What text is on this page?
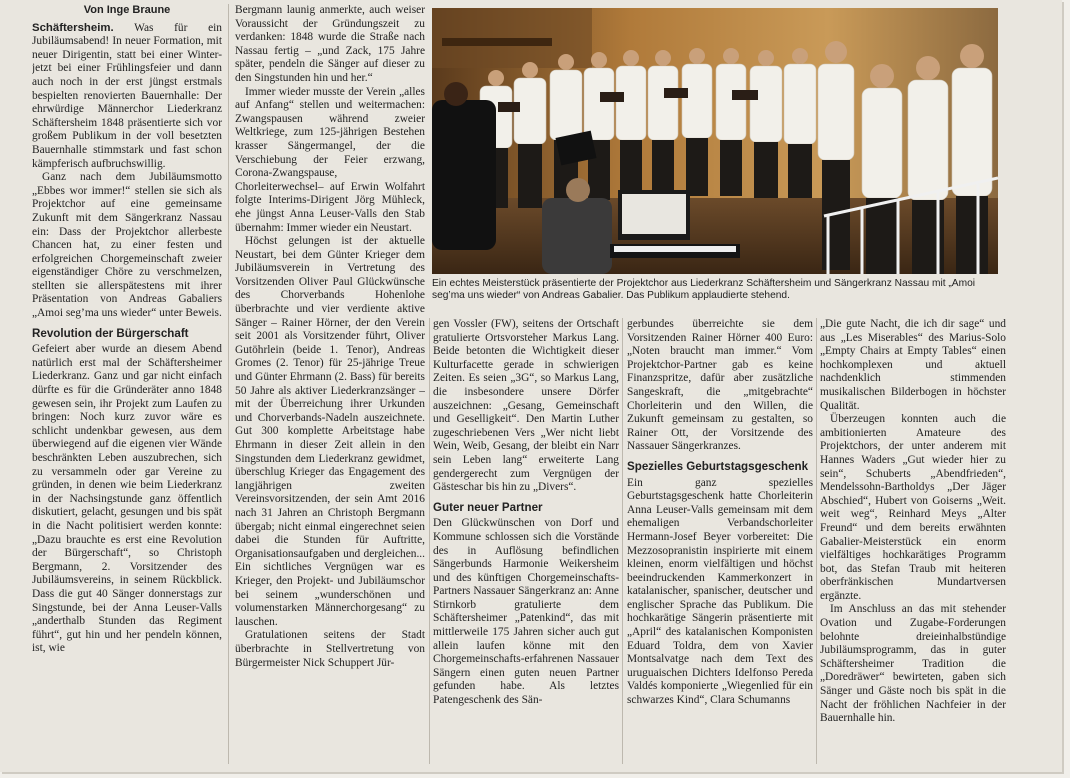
Von Inge Braune

Schäftersheim. Was für ein Jubiläumsabend! In neuer Formation, mit neuer Dirigentin, statt bei einer Winter- jetzt bei einer Frühlingsfeier und dann auch noch in der erst jüngst erstmals bespielten renovierten Bauernhalle: Der ehrwürdige Männerchor Liederkranz Schäftersheim 1848 präsentierte sich vor großem Publikum in der voll besetzten Bauernhalle stimmstark und fast schon kämpferisch aufbruchswillig.

Ganz nach dem Jubiläumsmotto „Ebbes wor immer!“ stellen sie sich als Projektchor auf eine gemeinsame Zukunft mit dem Sängerkranz Nassau ein: Dass der Projektchor allerbeste Chancen hat, zu einer festen und erfolgreichen Chorgemeinschaft zweier eigenständiger Chöre zu verschmelzen, stellten sie allerspätestens mit ihrer Präsentation von Andreas Gabaliers „Amoi seg’ma uns wieder“ unter Beweis.

Revolution der Bürgerschaft

Gefeiert aber wurde an diesem Abend natürlich erst mal der Schäftersheimer Liederkranz. Ganz und gar nicht einfach dürfte es für die Gründeräter anno 1848 gewesen sein, ihr Projekt zum Laufen zu bringen: Noch kurz zuvor wäre es schlicht undenkbar gewesen, aus dem überwiegend auf die eigenen vier Wände beschränkten Leben auszubrechen, sich zu versammeln oder gar Vereine zu gründen, in denen wie beim Liederkranz in der Nachsingstunde ganz öffentlich diskutiert, gelacht, gesungen und bis spät in die Nacht politisiert werden konnte: „Dazu brauchte es erst eine Revolution der Bürgerschaft“, so Christoph Bergmann, 2. Vorsitzender des Jubiläumsvereins, in seinem Rückblick. Dass die gut 40 Sänger donnerstags zur Singstunde, bei der Anna Leuser-Valls „anderthalb Stunden das Regiment führt“, gut hin und her pendeln können, ist, wie

Bergmann launig anmerkte, auch weiser Voraussicht der Gründungszeit zu verdanken: 1848 wurde die Straße nach Nassau fertig – „und Zack, 175 Jahre später, pendeln die Sänger auf dieser zu den Singstunden hin und her.“

Immer wieder musste der Verein „alles auf Anfang“ stellen und weitermachen: Zwangspausen während zweier Weltkriege, zum 125-jährigen Bestehen krasser Sängermangel, der die Verschiebung der Feier erzwang, Corona-Zwangspause, Chorleiterwechsel– auf Erwin Wolfahrt folgte Interims-Dirigent Jörg Mühleck, ehe jüngst Anna Leuser-Valls den Stab übernahm: Immer wieder ein Neustart.

Höchst gelungen ist der aktuelle Neustart, bei dem Günter Krieger dem Jubiläumsverein in Vertretung des Vorsitzenden Oliver Paul Glückwünsche des Chorverbands Hohenlohe überbrachte und vier verdiente aktive Sänger – Rainer Hörner, der den Verein seit 2001 als Vorsitzender führt, Oliver Gutöhrlein (beide 1. Tenor), Andreas Gromes (2. Tenor) für 25-jährige Treue und Günter Ehrmann (2. Bass) für bereits 50 Jahre als aktiver Liederkranzsänger – mit der Überreichung ihrer Urkunden und Chorverbands-Nadeln auszeichnete. Gut 300 komplette Arbeitstage habe Ehrmann in dieser Zeit allein in den Singstunden dem Liederkranz gewidmet, überschlug Krieger das Engagement des langjährigen zweiten Vereinsvorsitzenden, der sein Amt 2016 nach 31 Jahren an Christoph Bergmann übergab; nicht einmal eingerechnet seien dabei die Stunden für Auftritte, Organisationsaufgaben und dergleichen... Ein sichtliches Vergnügen war es Krieger, den Projekt- und Jubiläumschor bei seinem „wunderschönen und volumenstarken Männerchorgesang“ zu lauschen.

Gratulationen seitens der Stadt überbrachte in Stellvertretung von Bürgermeister Nick Schuppert Jür-

Ein echtes Meisterstück präsentierte der Projektchor aus Liederkranz Schäftersheim und Sängerkranz Nassau mit „Amoi seg’ma uns wieder“ von Andreas Gabalier. Das Publikum applaudierte stehend.

gen Vossler (FW), seitens der Ortschaft gratulierte Ortsvorsteher Markus Lang. Beide betonten die Wichtigkeit dieser Kulturfacette gerade in schwierigen Zeiten. Es seien „3G“, so Markus Lang, die insbesondere unsere Dörfer auszeichnen: „Gesang, Gemeinschaft und Geselligkeit“. Den Martin Luther zugeschriebenen Vers „Wer nicht liebt Wein, Weib, Gesang, der bleibt ein Narr sein Leben lang“ erweiterte Lang gendergerecht zum Vergnügen der Gästeschar bis hin zu „Divers“.

Guter neuer Partner

Den Glückwünschen von Dorf und Kommune schlossen sich die Vorstände des in Auflösung befindlichen Sängerbunds Harmonie Weikersheim und des künftigen Chorgemeinschafts-Partners Nassauer Sängerkranz an: Anne Stirnkorb gratulierte dem Schäftersheimer „Patenkind“, das mit mittlerweile 175 Jahren sicher auch gut allein laufen könne mit den Chorgemeinschafts-erfahrenen Nassauer Sängern einen guten neuen Partner gefunden habe. Als letztes Patengeschenk des Sän-

gerbundes überreichte sie dem Vorsitzenden Rainer Hörner 400 Euro: „Noten braucht man immer.“ Vom Projektchor-Partner gab es keine Finanzspritze, dafür aber zusätzliche Sangeskraft, die „mitgebrachte“ Chorleiterin und den Willen, die Zukunft gemeinsam zu gestalten, so Rainer Ott, der Vorsitzende des Nassauer Sängerkranzes.

Spezielles Geburtstagsgeschenk

Ein ganz spezielles Geburtstagsgeschenk hatte Chorleiterin Anna Leuser-Valls gemeinsam mit dem ehemaligen Verbandschorleiter Hermann-Josef Beyer vorbereitet: Die Mezzosopranistin inspirierte mit einem kleinen, enorm vielfältigen und höchst beeindruckenden Kammerkonzert in katalanischer, spanischer, deutscher und englischer Sprache das Publikum. Die hochkarätige Sängerin präsentierte mit „April“ des katalanischen Komponisten Eduard Toldra, dem von Xavier Montsalvatge nach dem Text des uruguaischen Dichters Idelfonso Pereda Valdés komponierte „Wiegenlied für ein schwarzes Kind“, Clara Schumanns

„Die gute Nacht, die ich dir sage“ und aus „Les Miserables“ des Marius-Solo „Empty Chairs at Empty Tables“ einen hochkomplexen und aktuell nachdenklich stimmenden musikalischen Bilderbogen in höchster Qualität.

Überzeugen konnten auch die ambitionierten Amateure des Projektchors, der unter anderem mit Hannes Waders „Gut wieder hier zu sein“, Schuberts „Abendfrieden“, Mendelssohn-Bartholdys „Der Jäger Abschied“, Hubert von Goiserns „Weit. weit weg“, Reinhard Meys „Alter Freund“ und dem bereits erwähnten Gabalier-Meisterstück ein enorm vielfältiges hochkarätiges Programm bot, das Stefan Traub mit heiteren oberfränkischen Mundartversen ergänzte.

Im Anschluss an das mit stehender Ovation und Zugabe-Forderungen belohnte dreieinhalbstündige Jubiläumsprogramm, das in guter Schäftersheimer Tradition die „Doredräwer“ bewirteten, gaben sich Sänger und Gäste noch bis spät in die Nacht der fröhlichen Nachfeier in der Bauernhalle hin.
